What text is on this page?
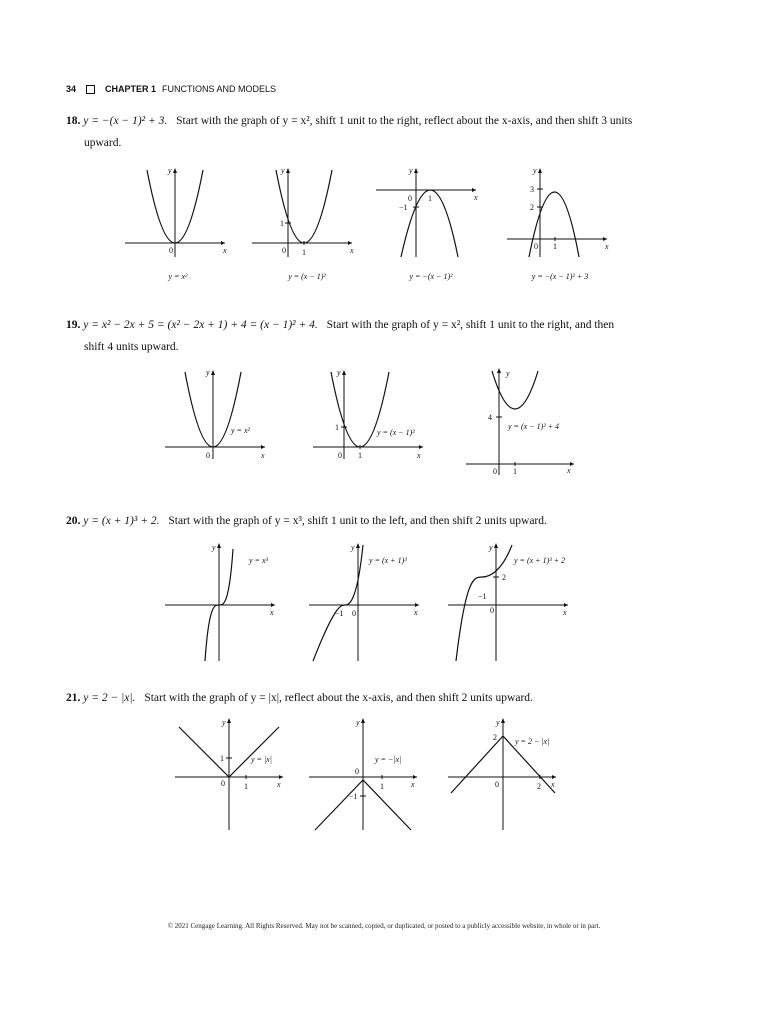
34	CHAPTER 1 FUNCTIONS AND MODELS
18. y = −(x − 1)² + 3. Start with the graph of y = x², shift 1 unit to the right, reflect about the x-axis, and then shift 3 units
upward.
y
x
0
y = x²
y
x
0 1
1
y = (x − 1)²
y
x
0 1
−1
y = −(x − 1)²
y
x
0 1
3
2
y = −(x − 1)² + 3
19. y = x² − 2x + 5 = (x² − 2x + 1) + 4 = (x − 1)² + 4. Start with the graph of y = x², shift 1 unit to the right, and then
shift 4 units upward.
y
x
0
y = x²
y
x
0 1
1
y = (x − 1)²
y
x
0 1
4
y = (x − 1)² + 4
20. y = (x + 1)³ + 2. Start with the graph of y = x³, shift 1 unit to the left, and then shift 2 units upward.
y
x
y = x³
y
x
−1 0
y = (x + 1)³
y
x
−1
0
2
y = (x + 1)³ + 2
21. y = 2 − |x|. Start with the graph of y = |x|, reflect about the x-axis, and then shift 2 units upward.
y
x
0 1
1	y = |x|
y
x
0
1
−1
y = −|x|
y
x
0	2
2 y = 2 − |x|
© 2021 Cengage Learning. All Rights Reserved. May not be scanned, copied, or duplicated, or posted to a publicly accessible website, in whole or in part.
